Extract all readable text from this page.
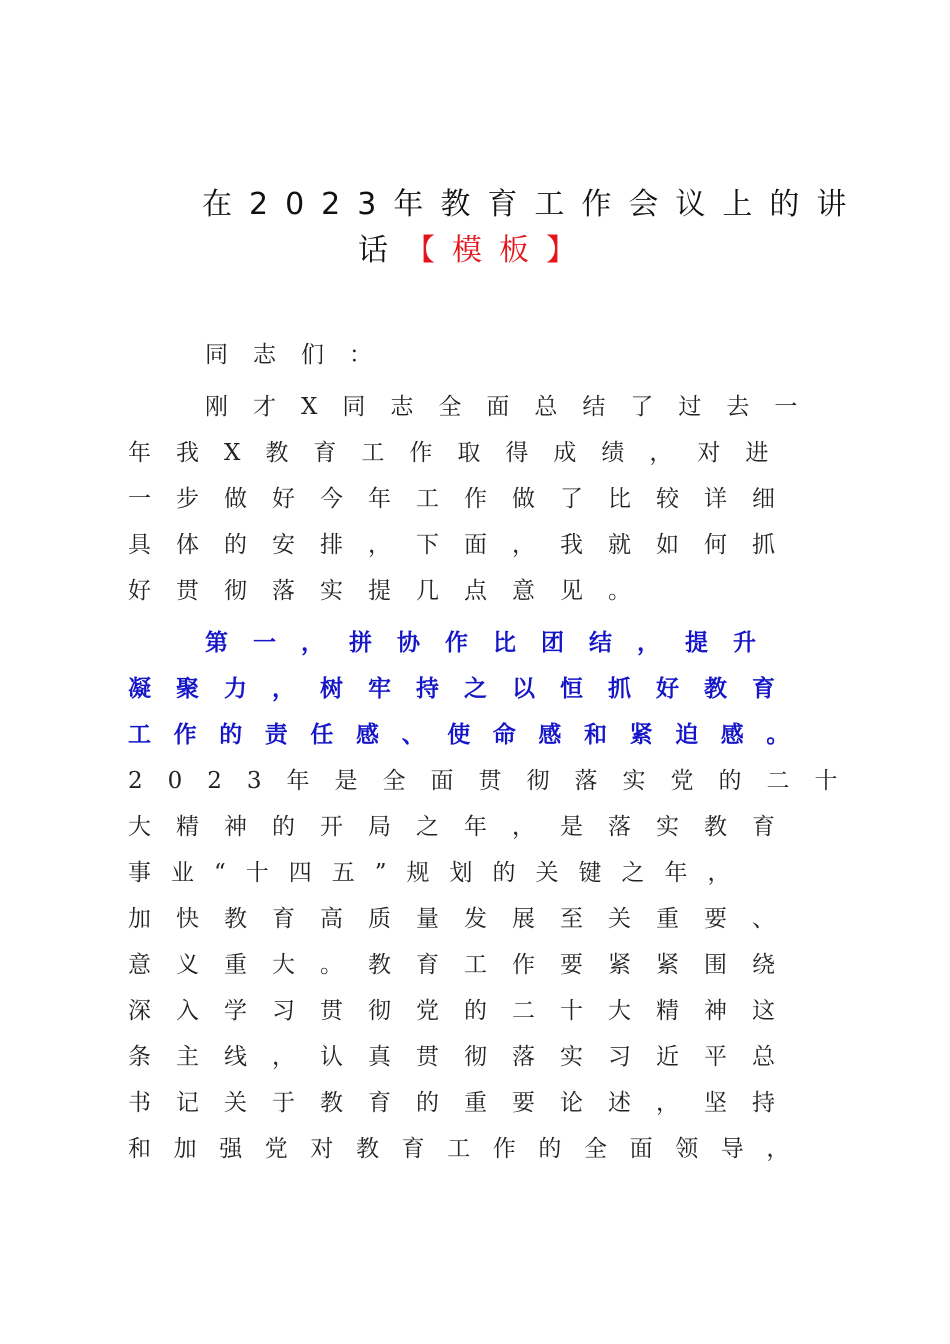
在2023年教育工作会议上的讲
话【模板】
同志们：
刚才X同志全面总结了过去一
年我X教育工作取得成绩，对进
一步做好今年工作做了比较详细
具体的安排，下面，我就如何抓
好贯彻落实提几点意见。
第一，拼协作比团结，提升
凝聚力，树牢持之以恒抓好教育
工作的责任感、使命感和紧迫感。
2023年是全面贯彻落实党的二十
大精神的开局之年，是落实教育
事业“十四五”规划的关键之年，
加快教育高质量发展至关重要、
意义重大。教育工作要紧紧围绕
深入学习贯彻党的二十大精神这
条主线，认真贯彻落实习近平总
书记关于教育的重要论述，坚持
和加强党对教育工作的全面领导，
